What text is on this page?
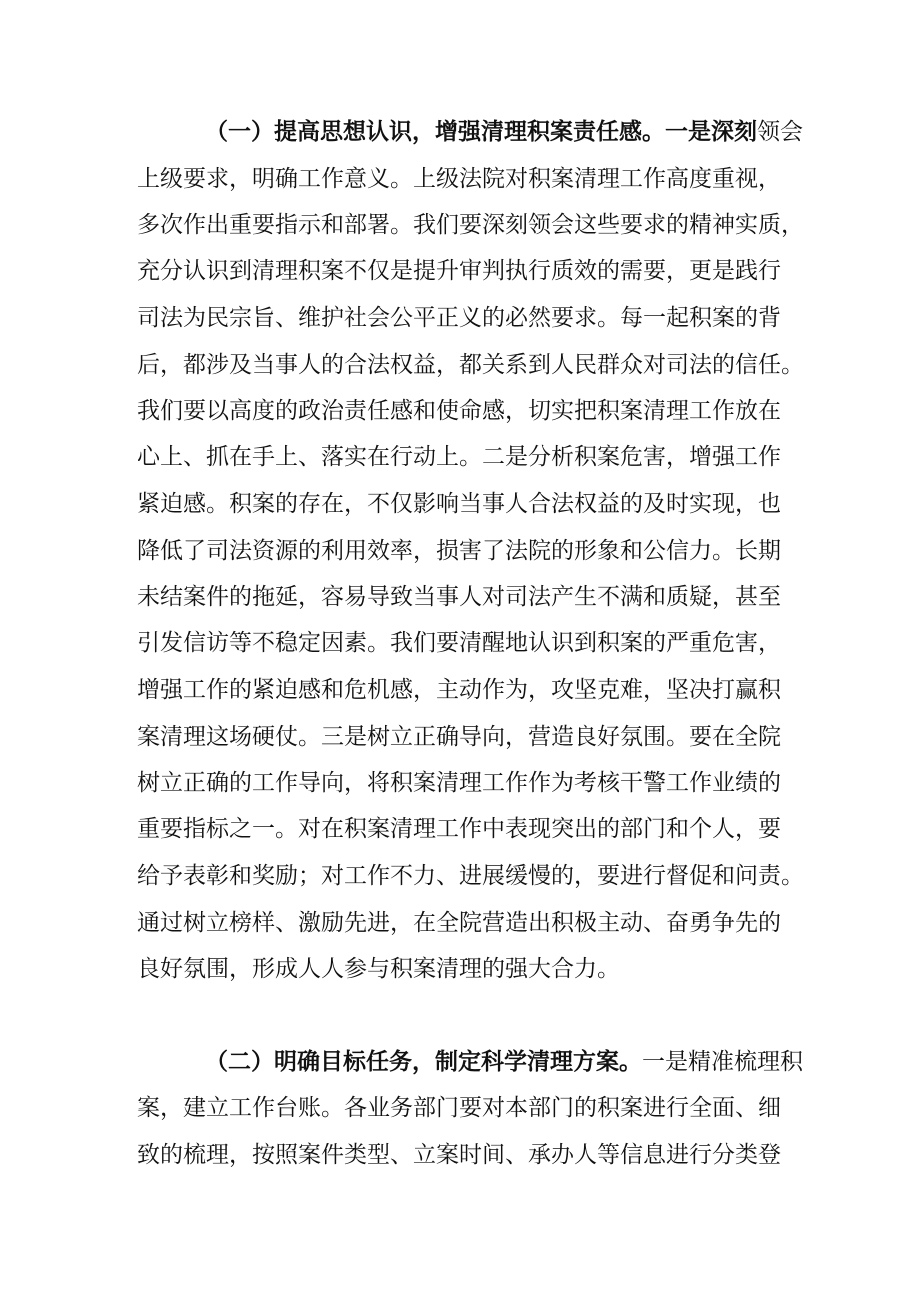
（一）提高思想认识，增强清理积案责任感。一是深刻领会
上级要求，明确工作意义。上级法院对积案清理工作高度重视，
多次作出重要指示和部署。我们要深刻领会这些要求的精神实质，
充分认识到清理积案不仅是提升审判执行质效的需要，更是践行
司法为民宗旨、维护社会公平正义的必然要求。每一起积案的背
后，都涉及当事人的合法权益，都关系到人民群众对司法的信任。
我们要以高度的政治责任感和使命感，切实把积案清理工作放在
心上、抓在手上、落实在行动上。二是分析积案危害，增强工作
紧迫感。积案的存在，不仅影响当事人合法权益的及时实现，也
降低了司法资源的利用效率，损害了法院的形象和公信力。长期
未结案件的拖延，容易导致当事人对司法产生不满和质疑，甚至
引发信访等不稳定因素。我们要清醒地认识到积案的严重危害，
增强工作的紧迫感和危机感，主动作为，攻坚克难，坚决打赢积
案清理这场硬仗。三是树立正确导向，营造良好氛围。要在全院
树立正确的工作导向，将积案清理工作作为考核干警工作业绩的
重要指标之一。对在积案清理工作中表现突出的部门和个人，要
给予表彰和奖励；对工作不力、进展缓慢的，要进行督促和问责。
通过树立榜样、激励先进，在全院营造出积极主动、奋勇争先的
良好氛围，形成人人参与积案清理的强大合力。
（二）明确目标任务，制定科学清理方案。一是精准梳理积
案，建立工作台账。各业务部门要对本部门的积案进行全面、细
致的梳理，按照案件类型、立案时间、承办人等信息进行分类登
